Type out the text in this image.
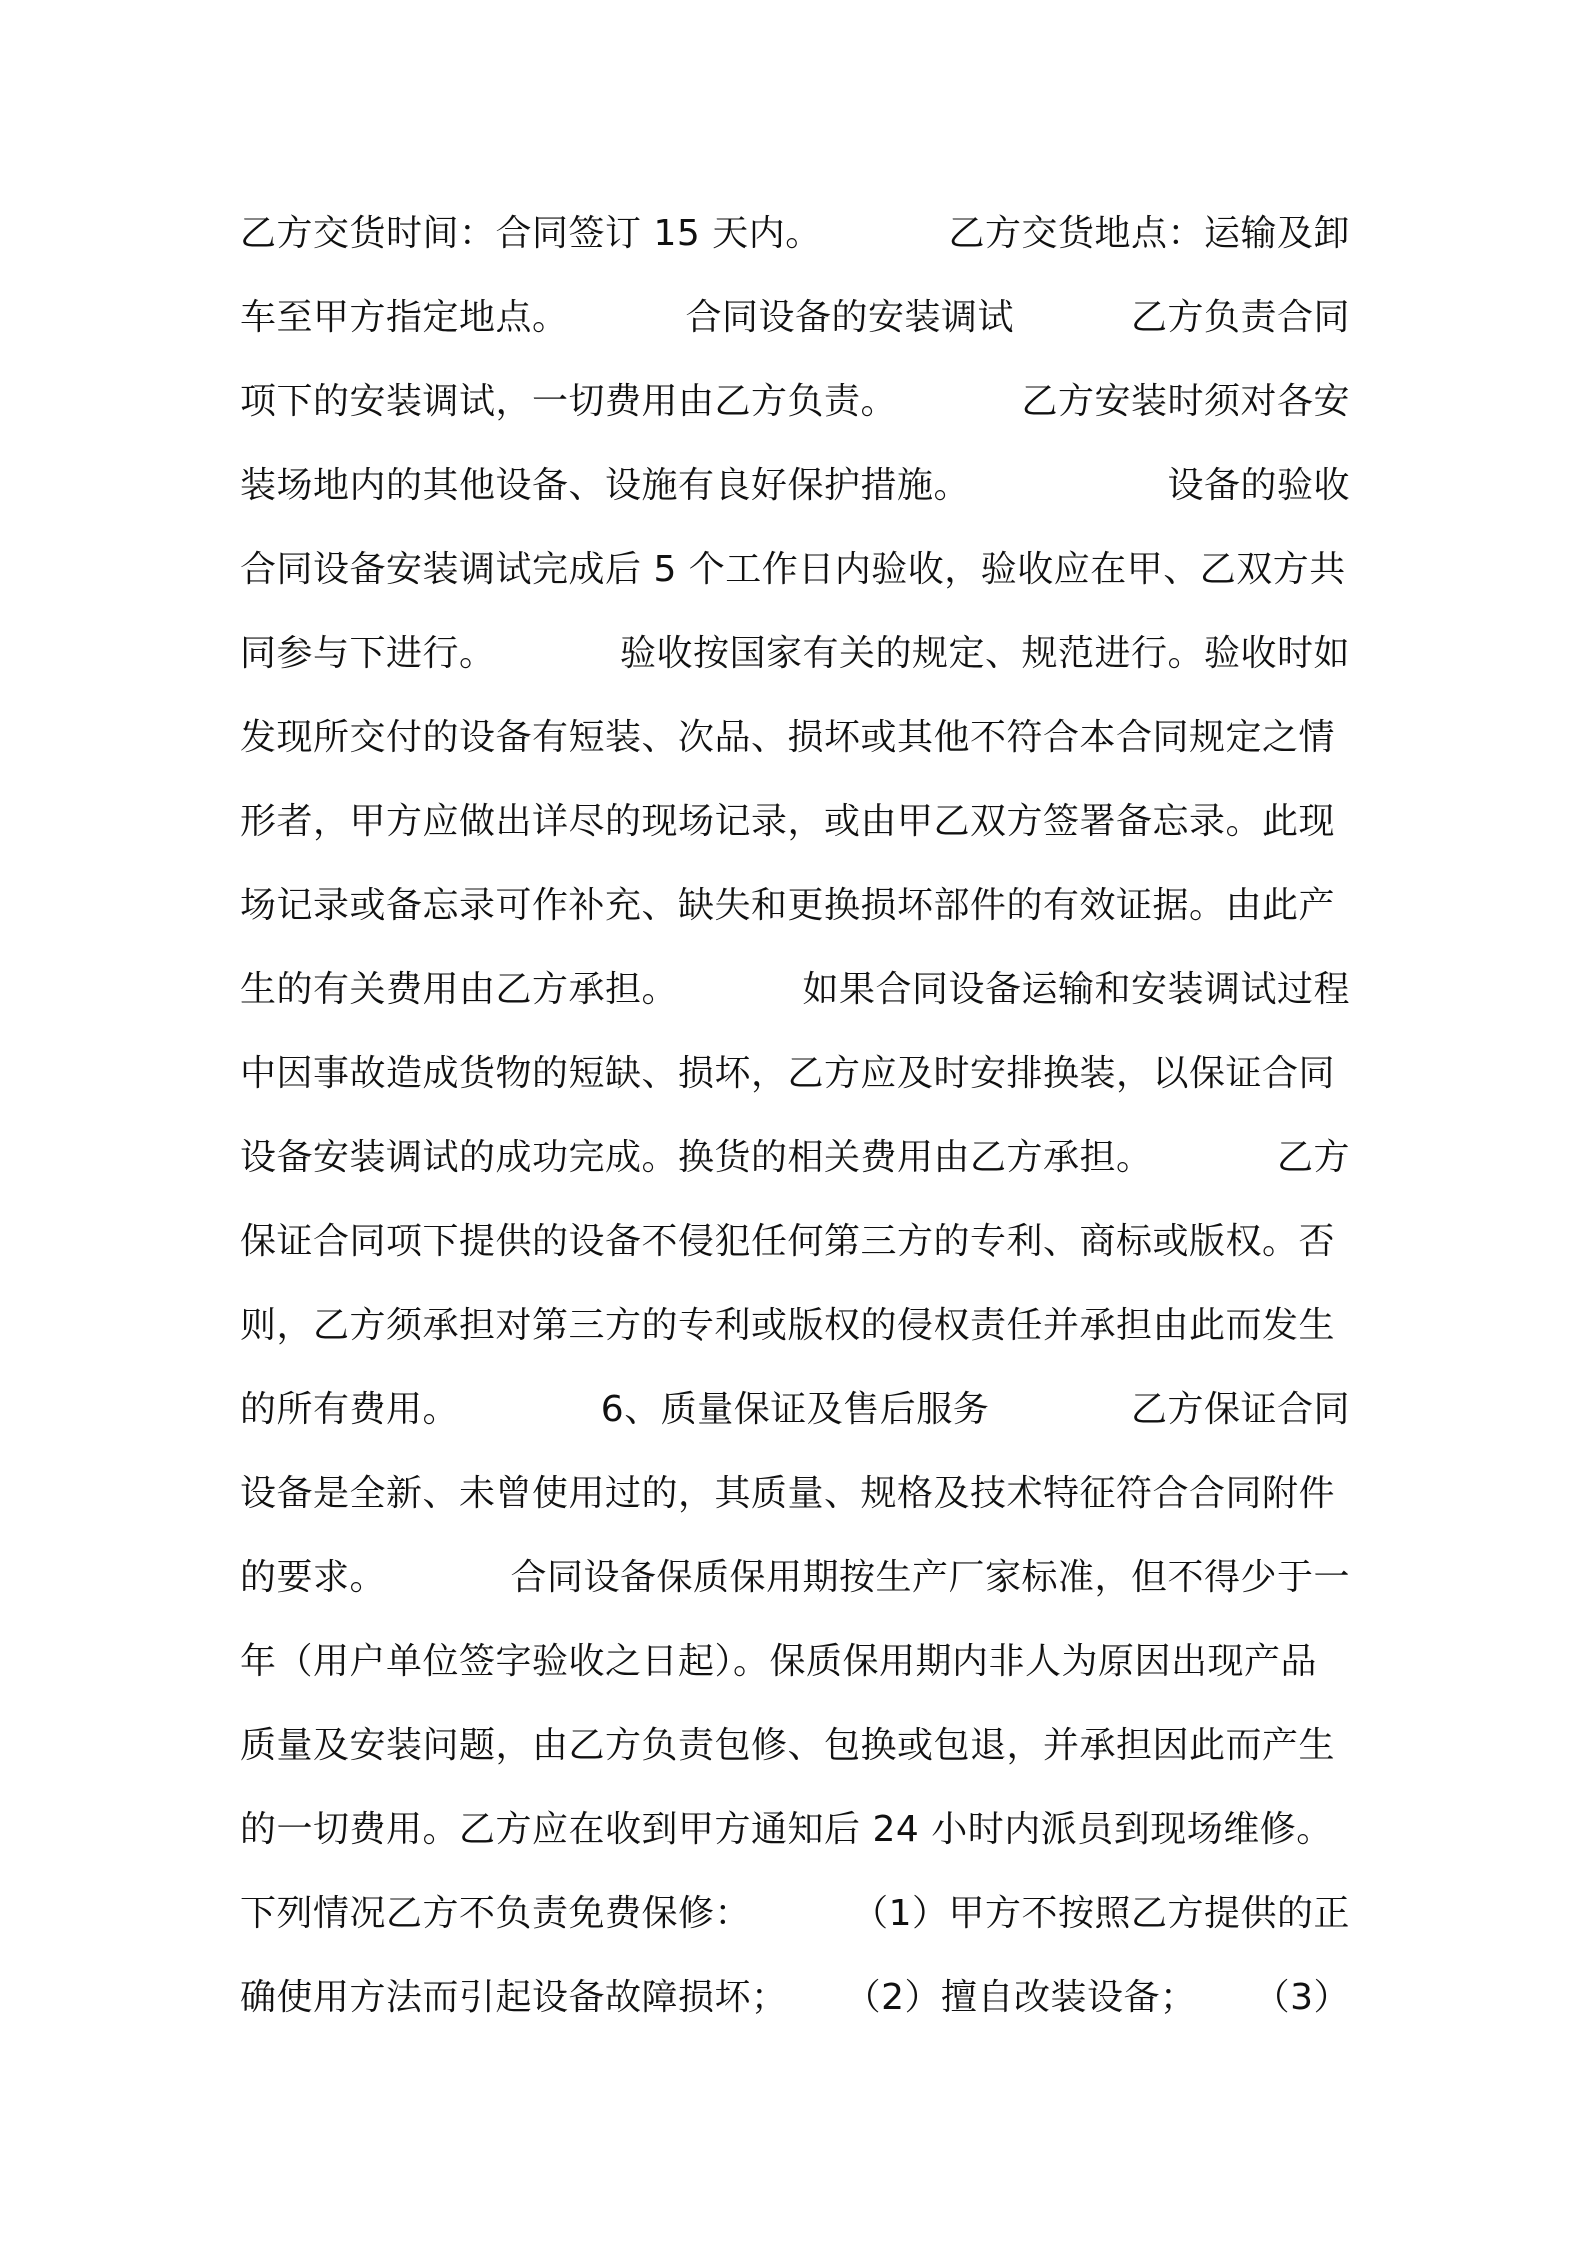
乙方交货时间：合同签订 15 天内。	乙方交货地点：运输及卸
车至甲方指定地点。	合同设备的安装调试	乙方负责合同
项下的安装调试，一切费用由乙方负责。	乙方安装时须对各安
装场地内的其他设备、设施有良好保护措施。	设备的验收
合同设备安装调试完成后 5 个工作日内验收，验收应在甲、乙双方共
同参与下进行。	验收按国家有关的规定、规范进行。验收时如
发现所交付的设备有短装、次品、损坏或其他不符合本合同规定之情
形者，甲方应做出详尽的现场记录，或由甲乙双方签署备忘录。此现
场记录或备忘录可作补充、缺失和更换损坏部件的有效证据。由此产
生的有关费用由乙方承担。	如果合同设备运输和安装调试过程
中因事故造成货物的短缺、损坏，乙方应及时安排换装，以保证合同
设备安装调试的成功完成。换货的相关费用由乙方承担。	乙方
保证合同项下提供的设备不侵犯任何第三方的专利、商标或版权。否
则，乙方须承担对第三方的专利或版权的侵权责任并承担由此而发生
的所有费用。	6、质量保证及售后服务	乙方保证合同
设备是全新、未曾使用过的，其质量、规格及技术特征符合合同附件
的要求。	合同设备保质保用期按生产厂家标准，但不得少于一
年（用户单位签字验收之日起）。保质保用期内非人为原因出现产品
质量及安装问题，由乙方负责包修、包换或包退，并承担因此而产生
的一切费用。乙方应在收到甲方通知后 24 小时内派员到现场维修。
下列情况乙方不负责免费保修：	（1）甲方不按照乙方提供的正
确使用方法而引起设备故障损坏； （2）擅自改装设备； （3）
